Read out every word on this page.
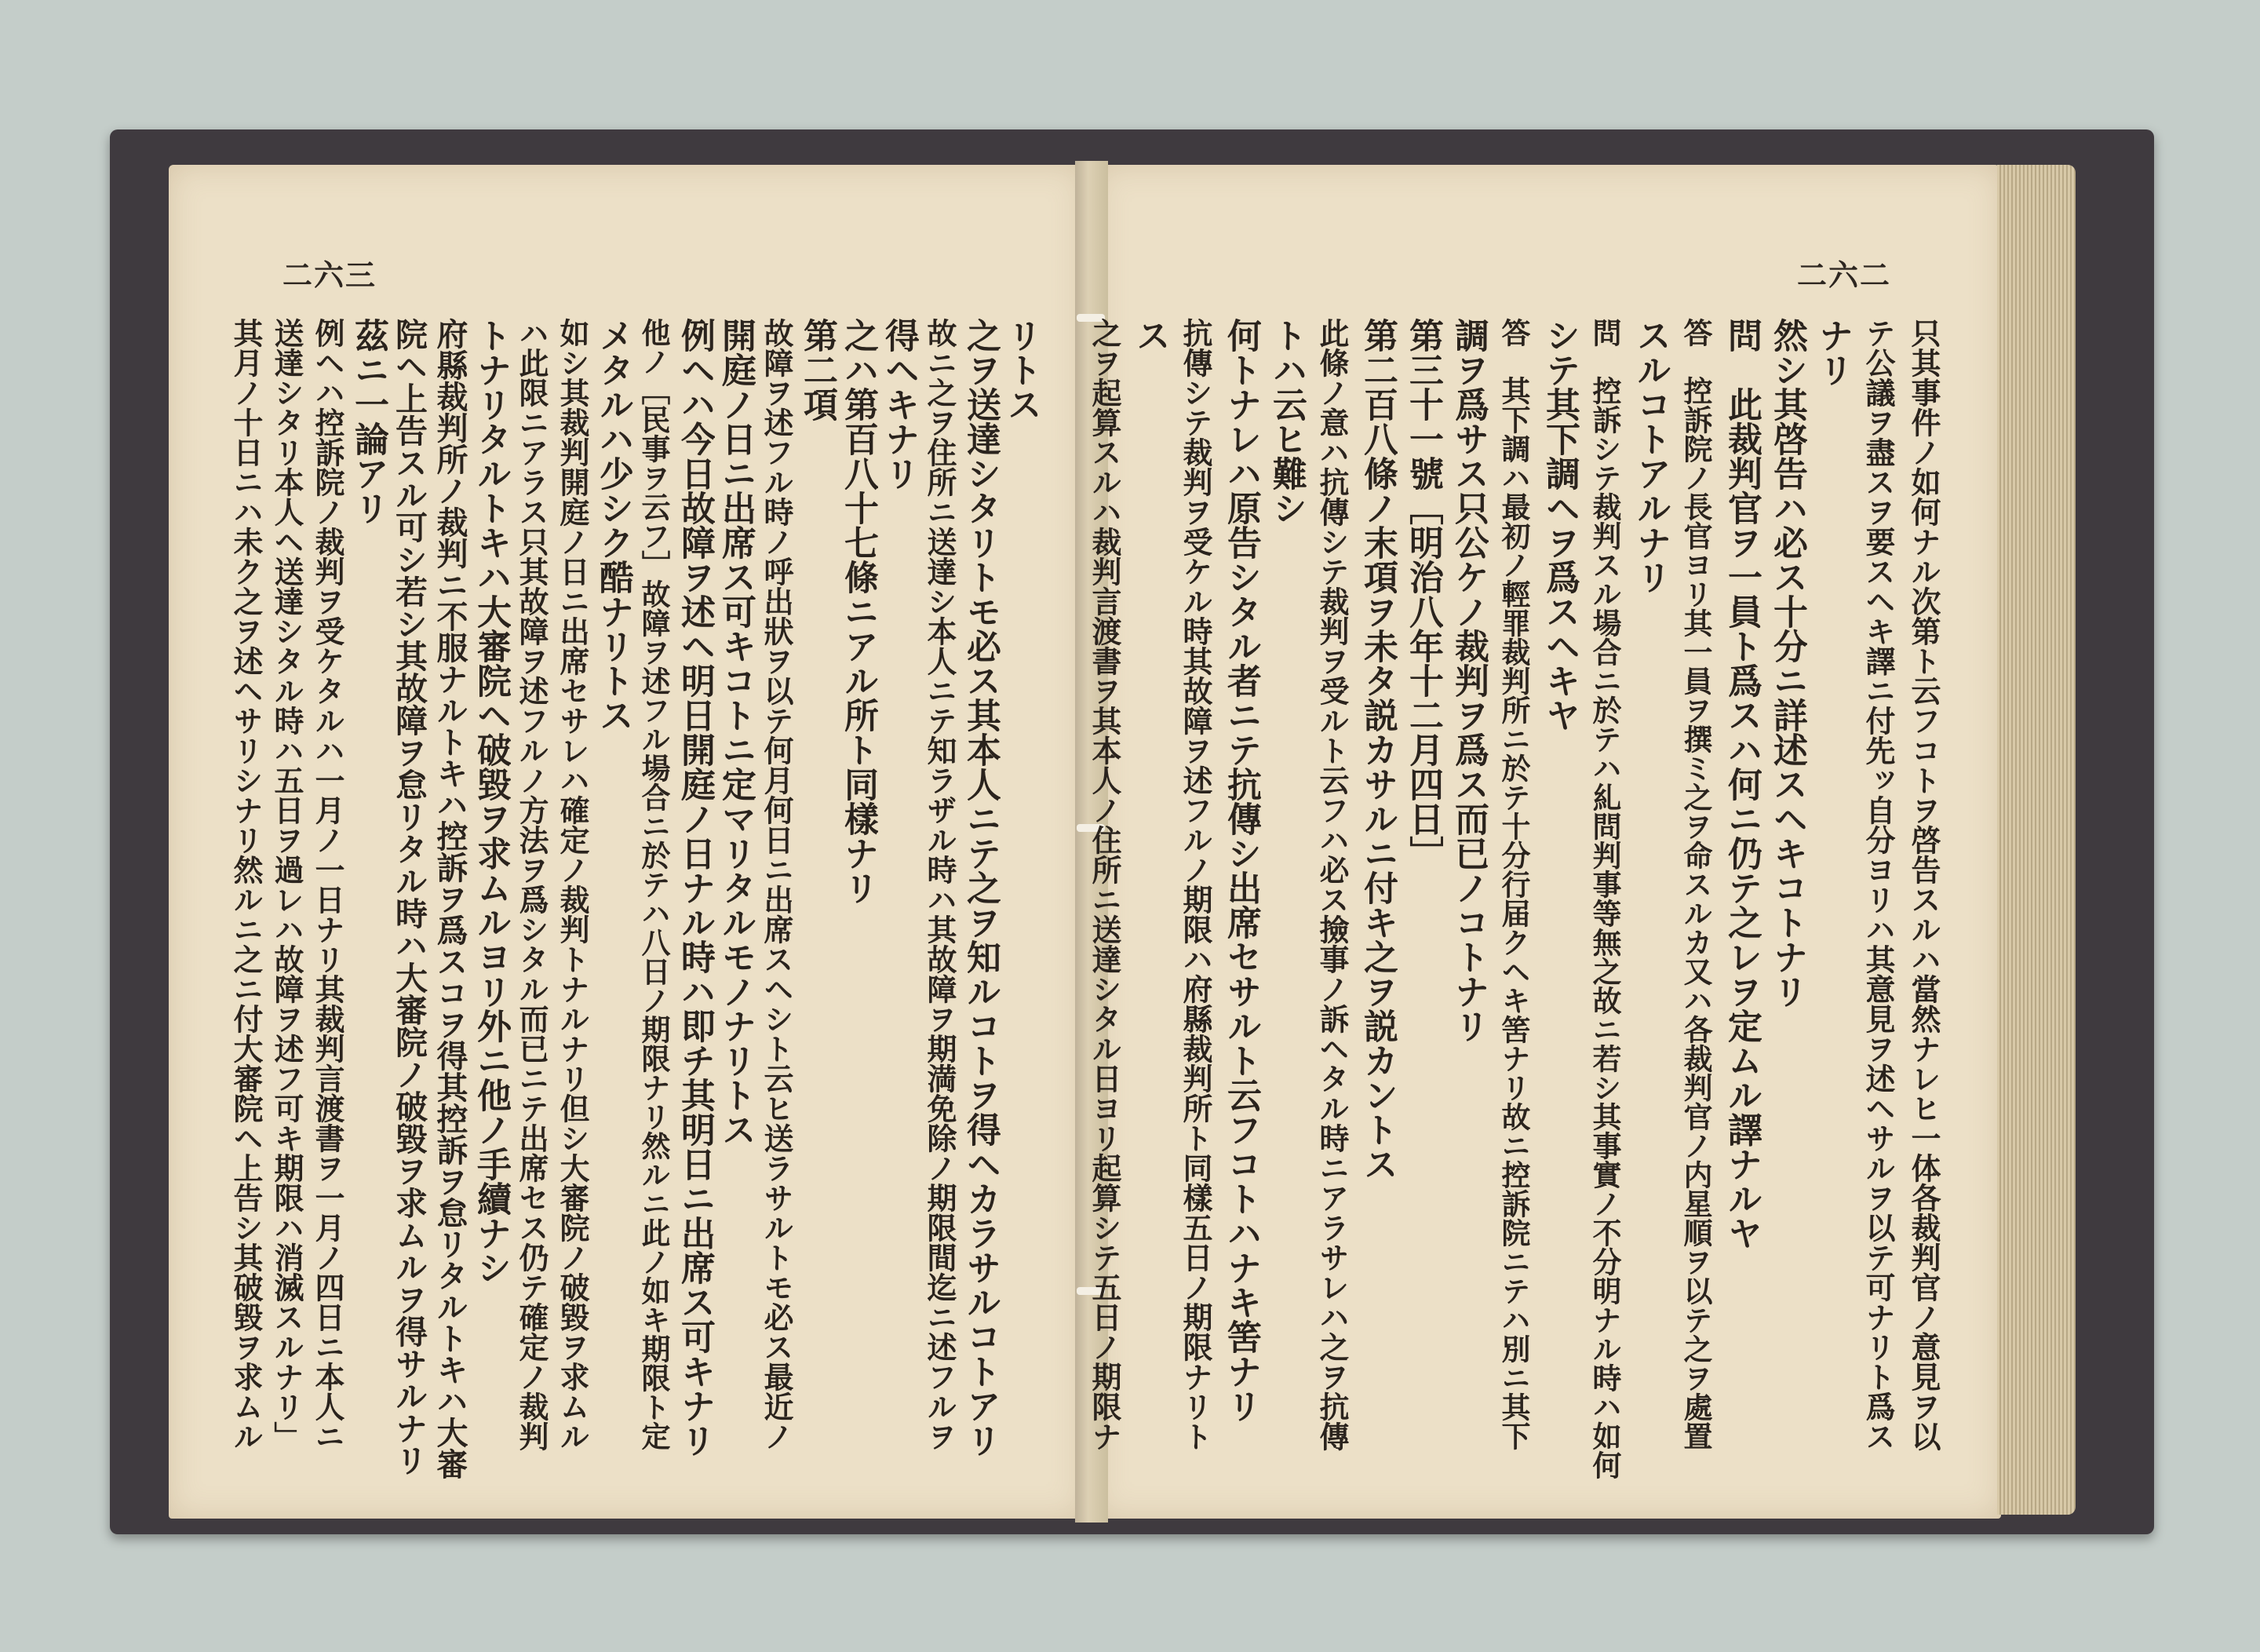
二六三	二六二
リトス
之ヲ送達シタリトモ必ス其本人ニテ之ヲ知ルコトヲ得ヘカラサルコトアリ
故ニ之ヲ住所ニ送達シ本人ニテ知ラザル時ハ其故障ヲ期満免除ノ期限間迄ニ述フルヲ
得ヘキナリ
之ハ第百八十七條ニアル所ト同樣ナリ
第二項
故障ヲ述フル時ノ呼出狀ヲ以テ何月何日ニ出席スヘシト云ヒ送ラサルトモ必ス最近ノ
開庭ノ日ニ出席ス可キコトニ定マリタルモノナリトス
例ヘハ今日故障ヲ述ヘ明日開庭ノ日ナル時ハ即チ其明日ニ出席ス可キナリ
他ノ［民事ヲ云フ］故障ヲ述フル場合ニ於テハ八日ノ期限ナリ然ルニ此ノ如キ期限ト定
メタルハ少シク酷ナリトス
如シ其裁判開庭ノ日ニ出席セサレハ確定ノ裁判トナルナリ但シ大審院ノ破毀ヲ求ムル
ハ此限ニアラス只其故障ヲ述フルノ方法ヲ爲シタル而已ニテ出席セス仍テ確定ノ裁判
トナリタルトキハ大審院ヘ破毀ヲ求ムルヨリ外ニ他ノ手續ナシ
府縣裁判所ノ裁判ニ不服ナルトキハ控訴ヲ爲スコヲ得其控訴ヲ怠リタルトキハ大審
院ヘ上告スル可シ若シ其故障ヲ怠リタル時ハ大審院ノ破毀ヲ求ムルヲ得サルナリ
茲ニ一論アリ
例ヘハ控訴院ノ裁判ヲ受ケタルハ一月ノ一日ナリ其裁判言渡書ヲ一月ノ四日ニ本人ニ
送達シタリ本人ヘ送達シタル時ハ五日ヲ過レハ故障ヲ述フ可キ期限ハ消滅スルナリ」
其月ノ十日ニハ未ク之ヲ述ヘサリシナリ然ルニ之ニ付大審院ヘ上告シ其破毀ヲ求ムル	只其事件ノ如何ナル次第ト云フコトヲ啓告スルハ當然ナレヒ一体各裁判官ノ意見ヲ以
テ公議ヲ盡スヲ要スヘキ譯ニ付先ッ自分ヨリハ其意見ヲ述ヘサルヲ以テ可ナリト爲ス
ナリ
然シ其啓告ハ必ス十分ニ詳述スヘキコトナリ
問　此裁判官ヲ一員ト爲スハ何ニ仍テ之レヲ定ムル譯ナルヤ
答　控訴院ノ長官ヨリ其一員ヲ撰ミ之ヲ命スルカ又ハ各裁判官ノ内星順ヲ以テ之ヲ處置
スルコトアルナリ
問　控訴シテ裁判スル場合ニ於テハ糺問判事等無之故ニ若シ其事實ノ不分明ナル時ハ如何
シテ其下調ヘヲ爲スヘキヤ
答　其下調ハ最初ノ輕罪裁判所ニ於テ十分行届クヘキ筈ナリ故ニ控訴院ニテハ別ニ其下
調ヲ爲サス只公ケノ裁判ヲ爲ス而已ノコトナリ
第三十一號［明治八年十二月四日］
第二百八條ノ末項ヲ未タ説カサルニ付キ之ヲ説カントス
此條ノ意ハ抗傳シテ裁判ヲ受ルト云フハ必ス撿事ノ訴ヘタル時ニアラサレハ之ヲ抗傳
トハ云ヒ難シ
何トナレハ原告シタル者ニテ抗傳シ出席セサルト云フコトハナキ筈ナリ
抗傳シテ裁判ヲ受ケル時其故障ヲ述フルノ期限ハ府縣裁判所ト同樣五日ノ期限ナリト
ス
之ヲ起算スルハ裁判言渡書ヲ其本人ノ住所ニ送達シタル日ヨリ起算シテ五日ノ期限ナ
